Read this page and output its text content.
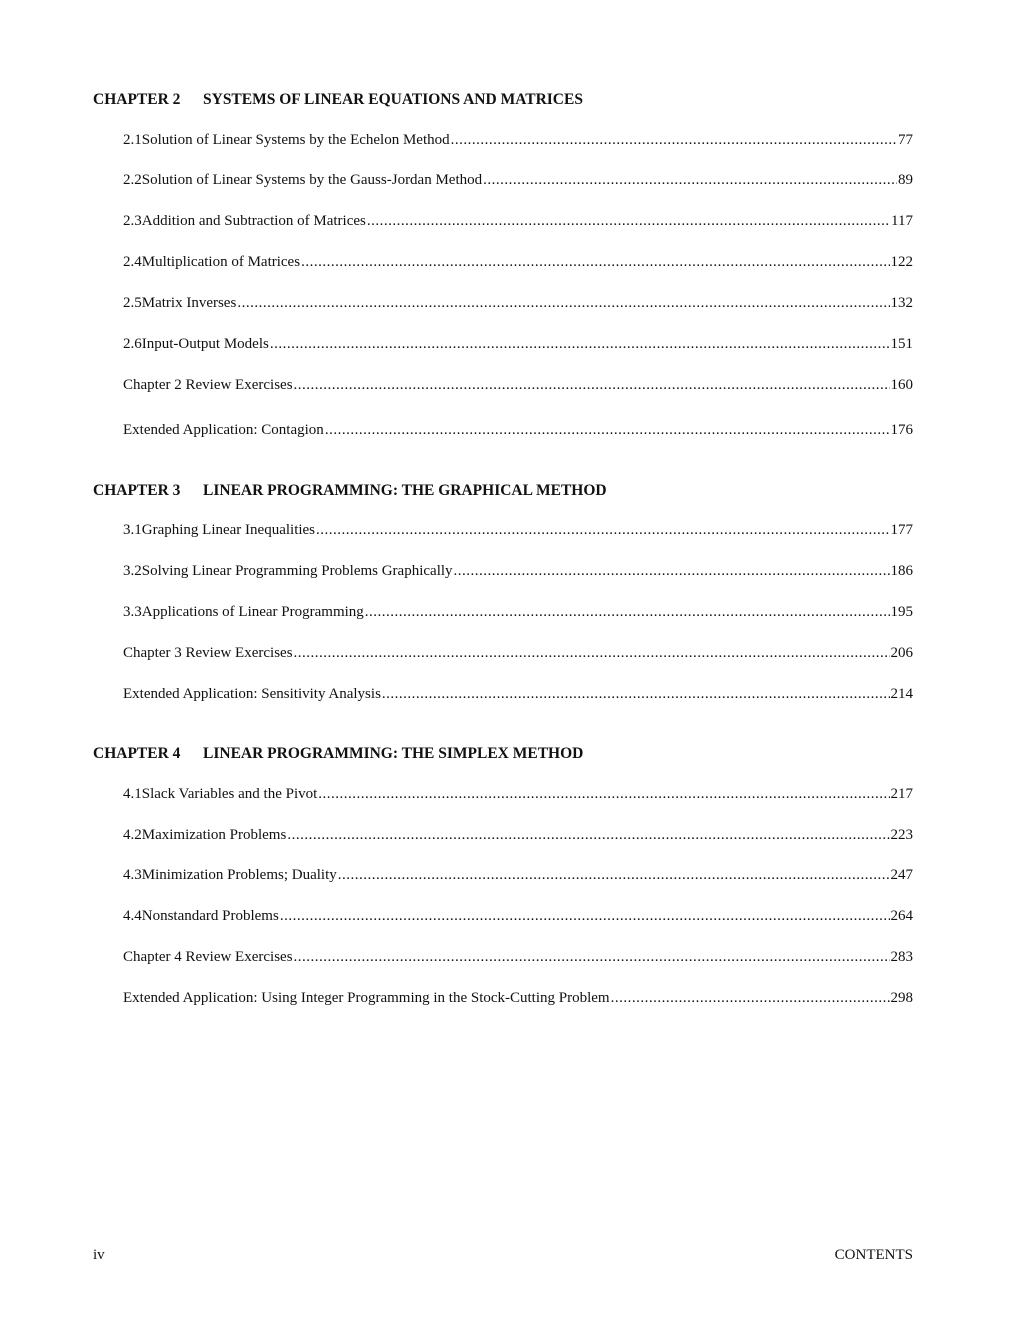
CHAPTER 2 SYSTEMS OF LINEAR EQUATIONS AND MATRICES
2.1 Solution of Linear Systems by the Echelon Method .....	77
2.2 Solution of Linear Systems by the Gauss-Jordan Method .....	89
2.3 Addition and Subtraction of Matrices .....	117
2.4 Multiplication of Matrices .....	122
2.5 Matrix Inverses .....	132
2.6 Input-Output Models .....	151
Chapter 2 Review Exercises .....	160
Extended Application: Contagion .....	176
CHAPTER 3 LINEAR PROGRAMMING: THE GRAPHICAL METHOD
3.1 Graphing Linear Inequalities .....	177
3.2 Solving Linear Programming Problems Graphically .....	186
3.3 Applications of Linear Programming .....	195
Chapter 3 Review Exercises .....	206
Extended Application: Sensitivity Analysis .....	214
CHAPTER 4 LINEAR PROGRAMMING: THE SIMPLEX METHOD
4.1 Slack Variables and the Pivot .....	217
4.2 Maximization Problems .....	223
4.3 Minimization Problems; Duality .....	247
4.4 Nonstandard Problems .....	264
Chapter 4 Review Exercises .....	283
Extended Application: Using Integer Programming in the Stock-Cutting Problem .....	298
iv	CONTENTS
